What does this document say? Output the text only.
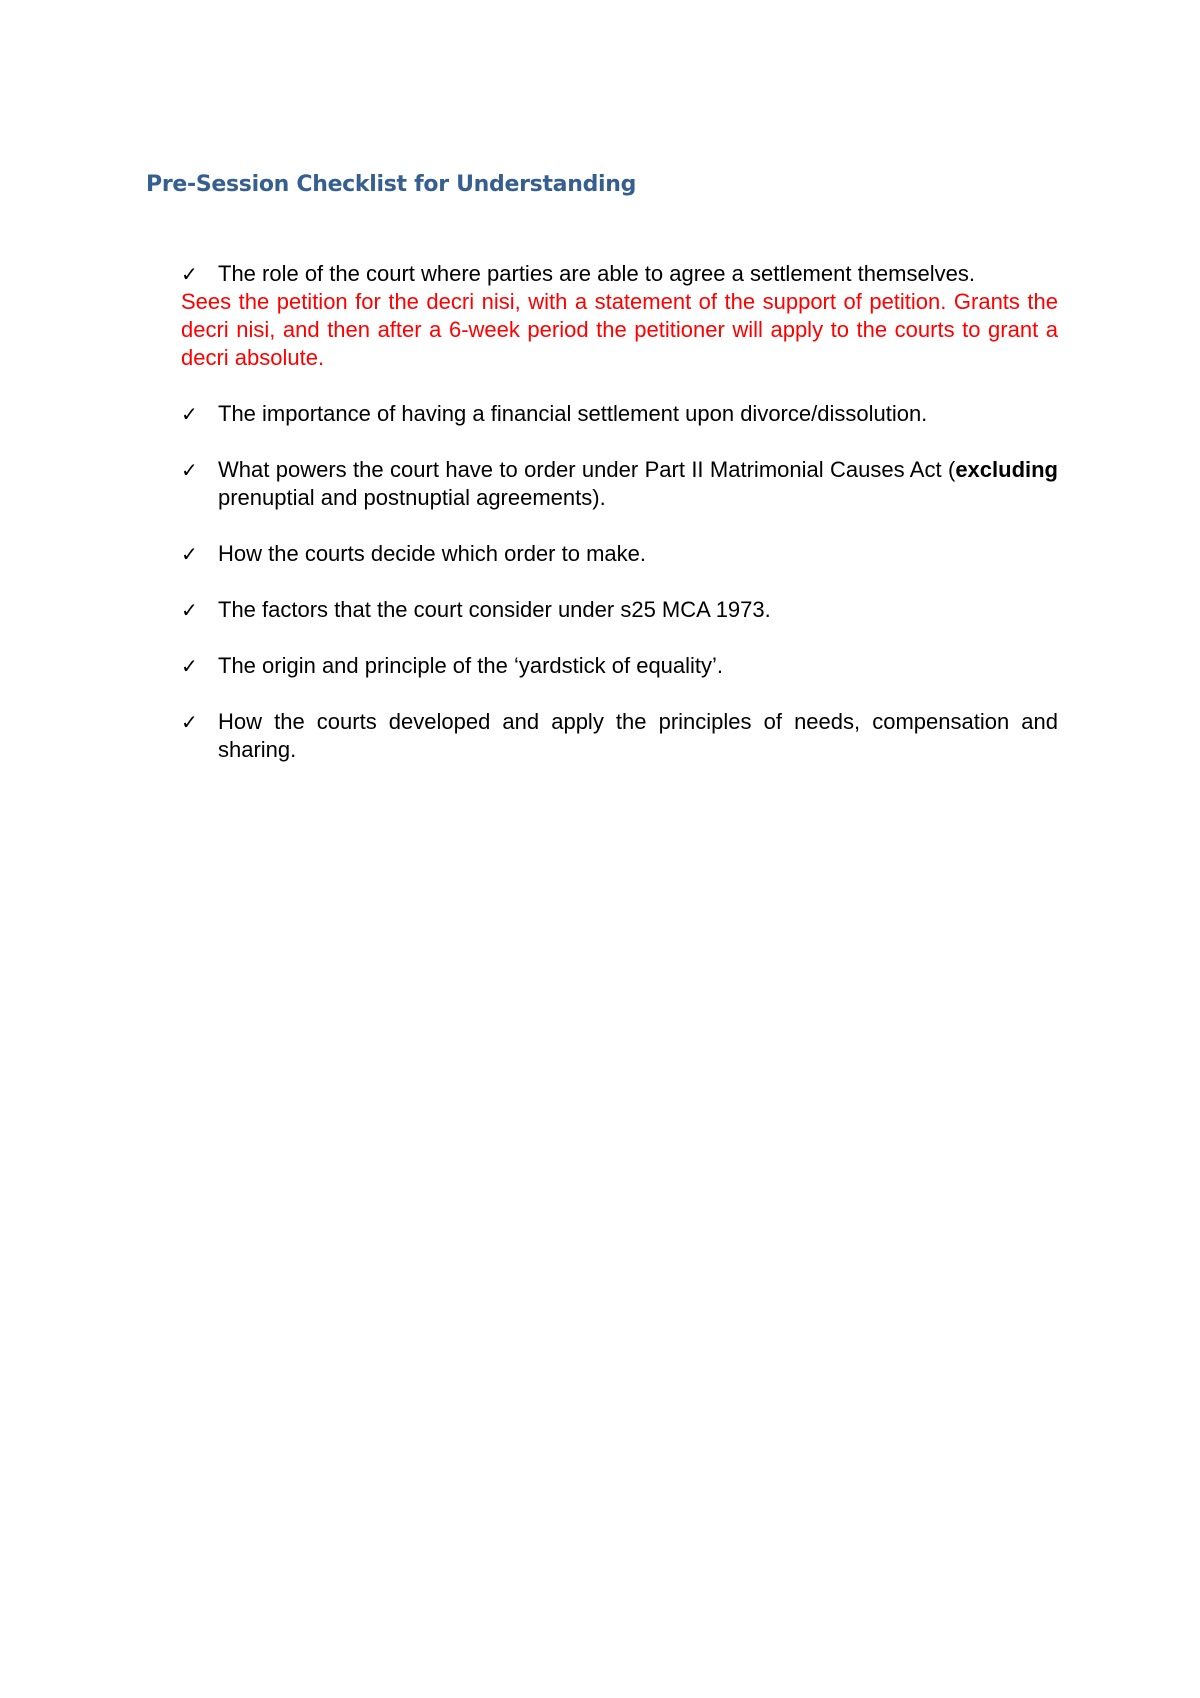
Pre-Session Checklist for Understanding
✓ The role of the court where parties are able to agree a settlement themselves.
Sees the petition for the decri nisi, with a statement of the support of petition. Grants the decri nisi, and then after a 6-week period the petitioner will apply to the courts to grant a decri absolute.
✓ The importance of having a financial settlement upon divorce/dissolution.
✓ What powers the court have to order under Part II Matrimonial Causes Act (excluding prenuptial and postnuptial agreements).
✓ How the courts decide which order to make.
✓ The factors that the court consider under s25 MCA 1973.
✓ The origin and principle of the ‘yardstick of equality’.
✓ How the courts developed and apply the principles of needs, compensation and sharing.
